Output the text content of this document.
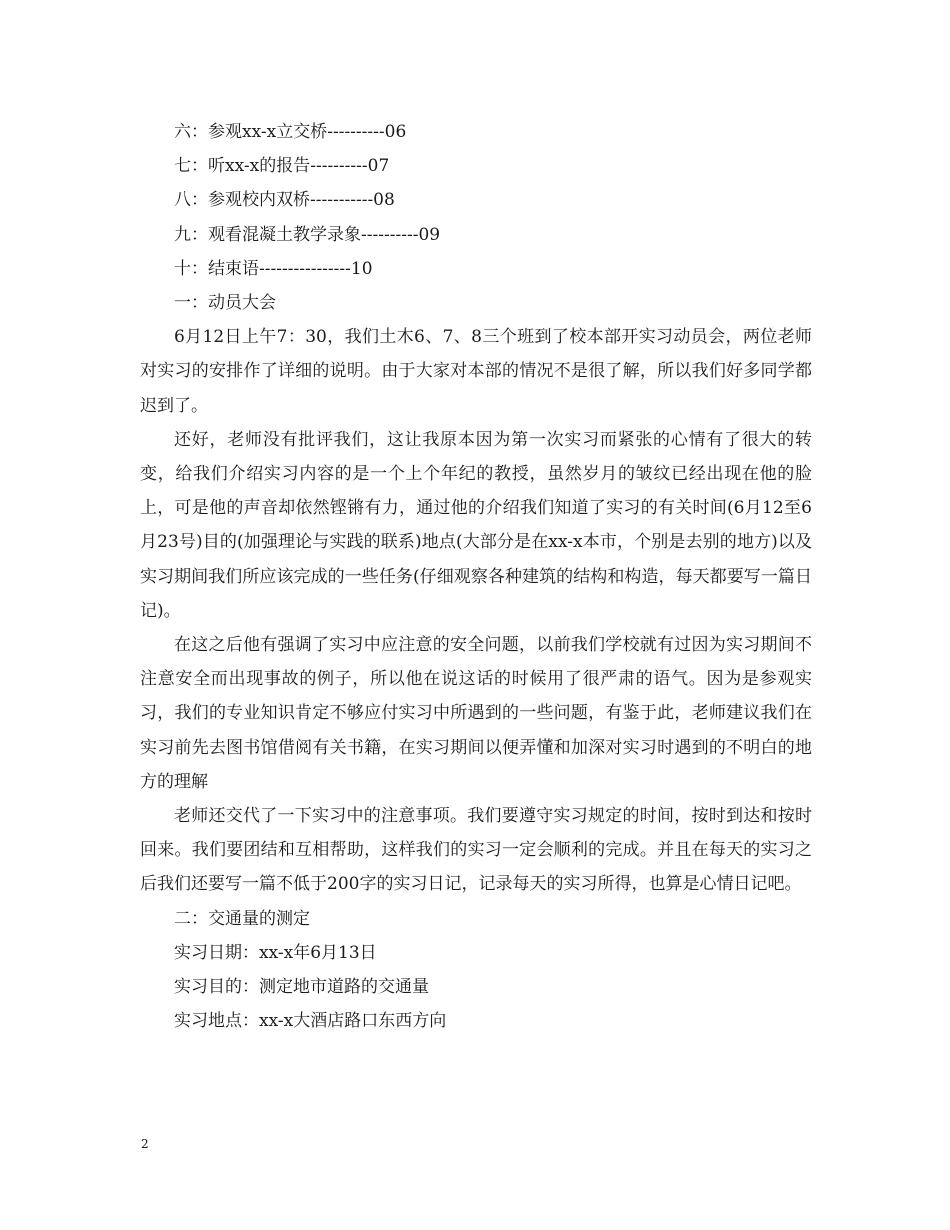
六：参观xx-x立交桥----------06

七：听xx-x的报告----------07

八：参观校内双桥-----------08

九：观看混凝土教学录象----------09

十：结束语----------------10

一：动员大会

6月12日上午7：30，我们土木6、7、8三个班到了校本部开实习动员会，两位老师对实习的安排作了详细的说明。由于大家对本部的情况不是很了解，所以我们好多同学都迟到了。

还好，老师没有批评我们，这让我原本因为第一次实习而紧张的心情有了很大的转变，给我们介绍实习内容的是一个上个年纪的教授，虽然岁月的皱纹已经出现在他的脸上，可是他的声音却依然铿锵有力，通过他的介绍我们知道了实习的有关时间(6月12至6月23号)目的(加强理论与实践的联系)地点(大部分是在xx-x本市，个别是去别的地方)以及实习期间我们所应该完成的一些任务(仔细观察各种建筑的结构和构造，每天都要写一篇日记)。

在这之后他有强调了实习中应注意的安全问题，以前我们学校就有过因为实习期间不注意安全而出现事故的例子，所以他在说这话的时候用了很严肃的语气。因为是参观实习，我们的专业知识肯定不够应付实习中所遇到的一些问题，有鉴于此，老师建议我们在实习前先去图书馆借阅有关书籍，在实习期间以便弄懂和加深对实习时遇到的不明白的地方的理解

老师还交代了一下实习中的注意事项。我们要遵守实习规定的时间，按时到达和按时回来。我们要团结和互相帮助，这样我们的实习一定会顺利的完成。并且在每天的实习之后我们还要写一篇不低于200字的实习日记，记录每天的实习所得，也算是心情日记吧。

二：交通量的测定

实习日期：xx-x年6月13日

实习目的：测定地市道路的交通量

实习地点：xx-x大酒店路口东西方向

2
